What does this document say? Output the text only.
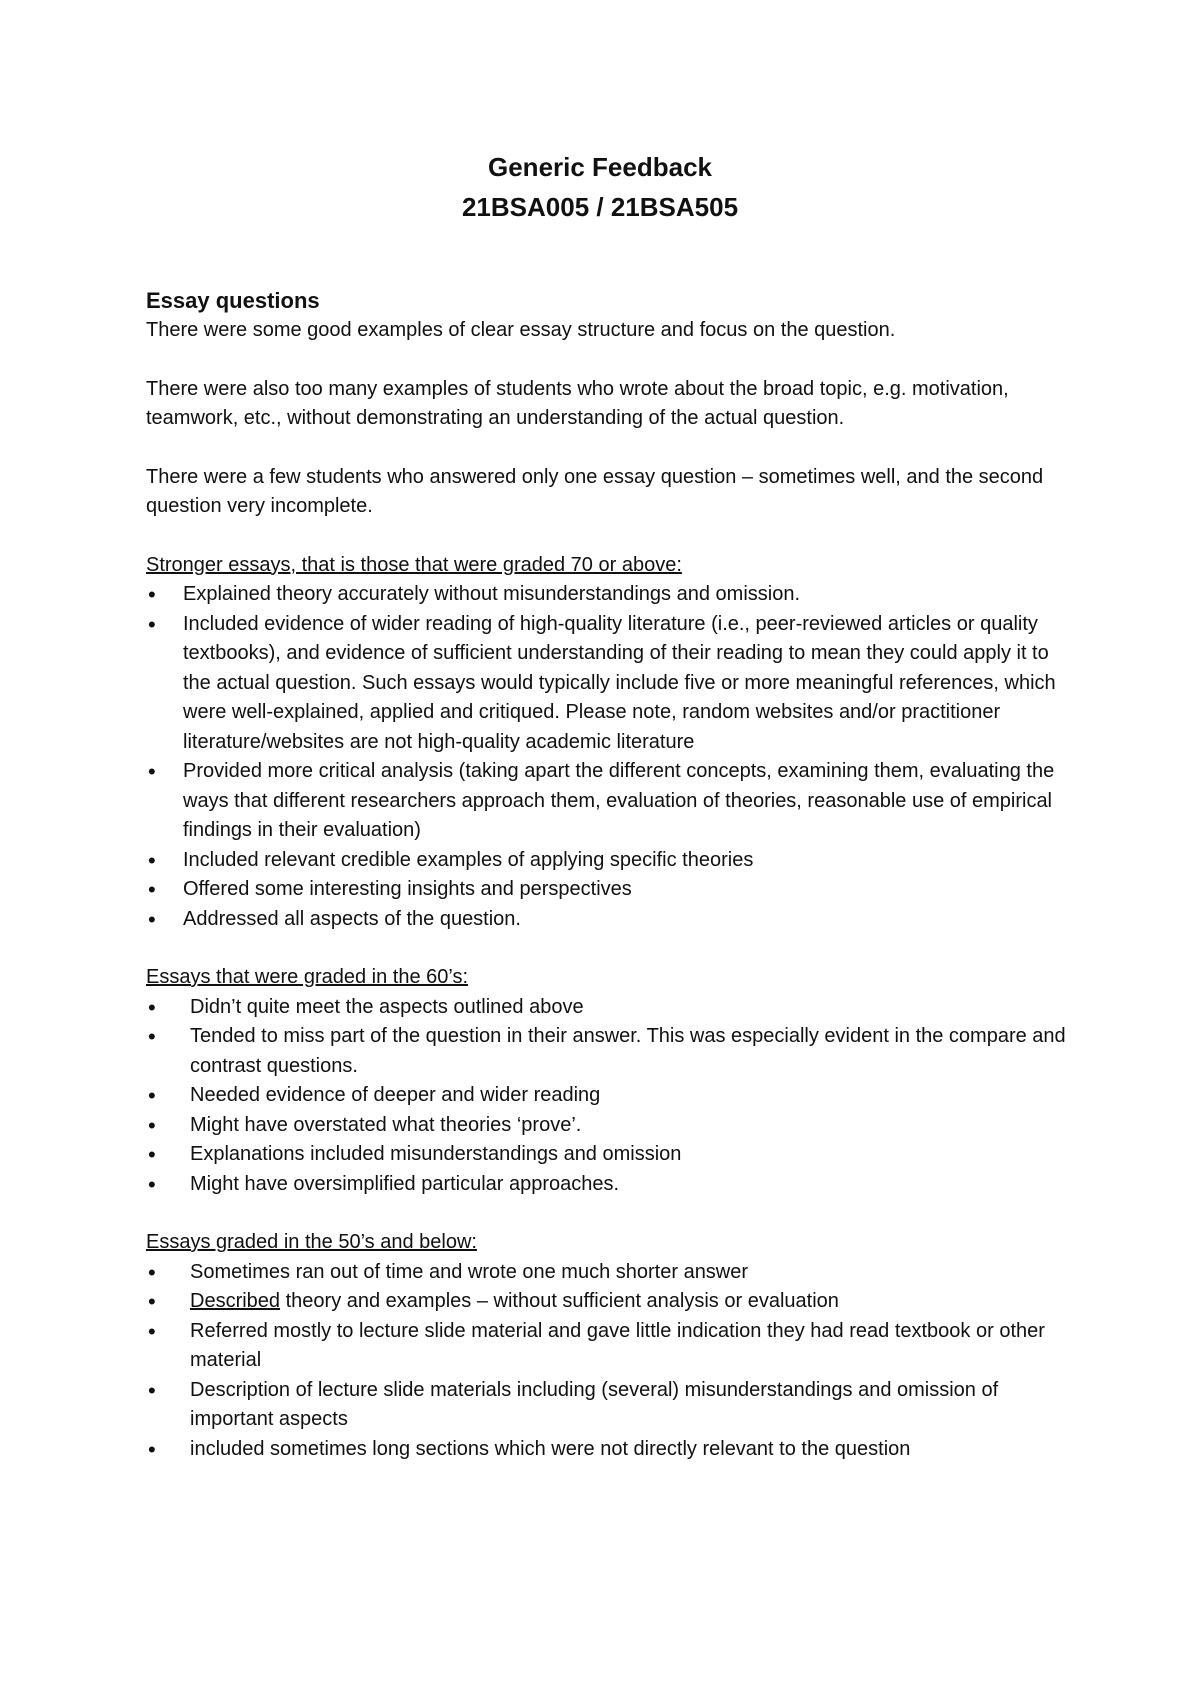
Generic Feedback
21BSA005 / 21BSA505
Essay questions

There were some good examples of clear essay structure and focus on the question.

There were also too many examples of students who wrote about the broad topic, e.g. motivation, teamwork, etc., without demonstrating an understanding of the actual question.

There were a few students who answered only one essay question – sometimes well, and the second question very incomplete.

Stronger essays, that is those that were graded 70 or above:

• Explained theory accurately without misunderstandings and omission.
• Included evidence of wider reading of high-quality literature (i.e., peer-reviewed articles or quality textbooks), and evidence of sufficient understanding of their reading to mean they could apply it to the actual question. Such essays would typically include five or more meaningful references, which were well-explained, applied and critiqued. Please note, random websites and/or practitioner literature/websites are not high-quality academic literature
• Provided more critical analysis (taking apart the different concepts, examining them, evaluating the ways that different researchers approach them, evaluation of theories, reasonable use of empirical findings in their evaluation)
• Included relevant credible examples of applying specific theories
• Offered some interesting insights and perspectives
• Addressed all aspects of the question.

Essays that were graded in the 60’s:

• Didn’t quite meet the aspects outlined above
• Tended to miss part of the question in their answer. This was especially evident in the compare and contrast questions.
• Needed evidence of deeper and wider reading
• Might have overstated what theories ‘prove’.
• Explanations included misunderstandings and omission
• Might have oversimplified particular approaches.

Essays graded in the 50’s and below:

• Sometimes ran out of time and wrote one much shorter answer
• Described theory and examples – without sufficient analysis or evaluation
• Referred mostly to lecture slide material and gave little indication they had read textbook or other material
• Description of lecture slide materials including (several) misunderstandings and omission of important aspects
• included sometimes long sections which were not directly relevant to the question
